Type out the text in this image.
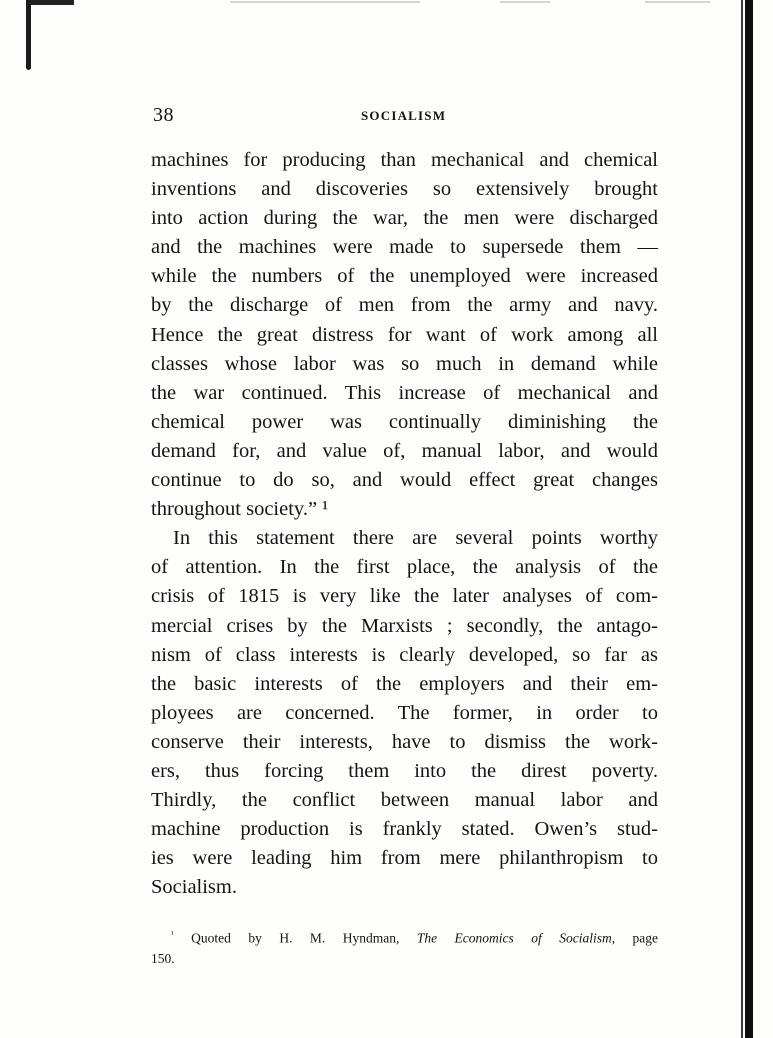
38	SOCIALISM
machines for producing than mechanical and chemical
inventions and discoveries so extensively brought
into action during the war, the men were discharged
and the machines were made to supersede them —
while the numbers of the unemployed were increased
by the discharge of men from the army and navy.
Hence the great distress for want of work among all
classes whose labor was so much in demand while
the war continued. This increase of mechanical and
chemical power was continually diminishing the
demand for, and value of, manual labor, and would
continue to do so, and would effect great changes
throughout society.” ¹
In this statement there are several points worthy
of attention. In the first place, the analysis of the
crisis of 1815 is very like the later analyses of com-
mercial crises by the Marxists ; secondly, the antago-
nism of class interests is clearly developed, so far as
the basic interests of the employers and their em-
ployees are concerned. The former, in order to
conserve their interests, have to dismiss the work-
ers, thus forcing them into the direst poverty.
Thirdly, the conflict between manual labor and
machine production is frankly stated. Owen’s stud-
ies were leading him from mere philanthropism to
Socialism.
$^{^1}$ Quoted by H. M. Hyndman, The Economics of Socialism, page
150.
